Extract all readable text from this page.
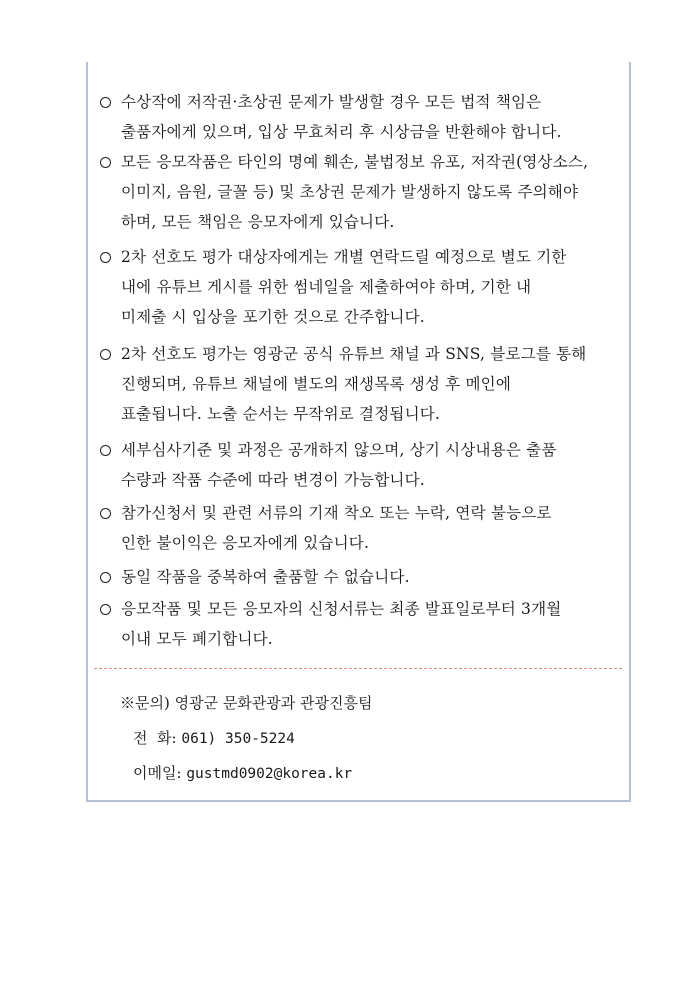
수상작에 저작권·초상권 문제가 발생할 경우 모든 법적 책임은
출품자에게 있으며, 입상 무효처리 후 시상금을 반환해야 합니다.
모든 응모작품은 타인의 명예 훼손, 불법정보 유포, 저작권(영상소스,
이미지, 음원, 글꼴 등) 및 초상권 문제가 발생하지 않도록 주의해야
하며, 모든 책임은 응모자에게 있습니다.
2차 선호도 평가 대상자에게는 개별 연락드릴 예정으로 별도 기한
내에 유튜브 게시를 위한 썸네일을 제출하여야 하며, 기한 내
미제출 시 입상을 포기한 것으로 간주합니다.
2차 선호도 평가는 영광군 공식 유튜브 채널 과 SNS, 블로그를 통해
진행되며, 유튜브 채널에 별도의 재생목록 생성 후 메인에
표출됩니다. 노출 순서는 무작위로 결정됩니다.
세부심사기준 및 과정은 공개하지 않으며, 상기 시상내용은 출품
수량과 작품 수준에 따라 변경이 가능합니다.
참가신청서 및 관련 서류의 기재 착오 또는 누락, 연락 불능으로
인한 불이익은 응모자에게 있습니다.
동일 작품을 중복하여 출품할 수 없습니다.
응모작품 및 모든 응모자의 신청서류는 최종 발표일로부터 3개월
이내 모두 폐기합니다.
※문의) 영광군 문화관광과 관광진흥팀
전  화: 061) 350-5224
이메일: gustmd0902@korea.kr
